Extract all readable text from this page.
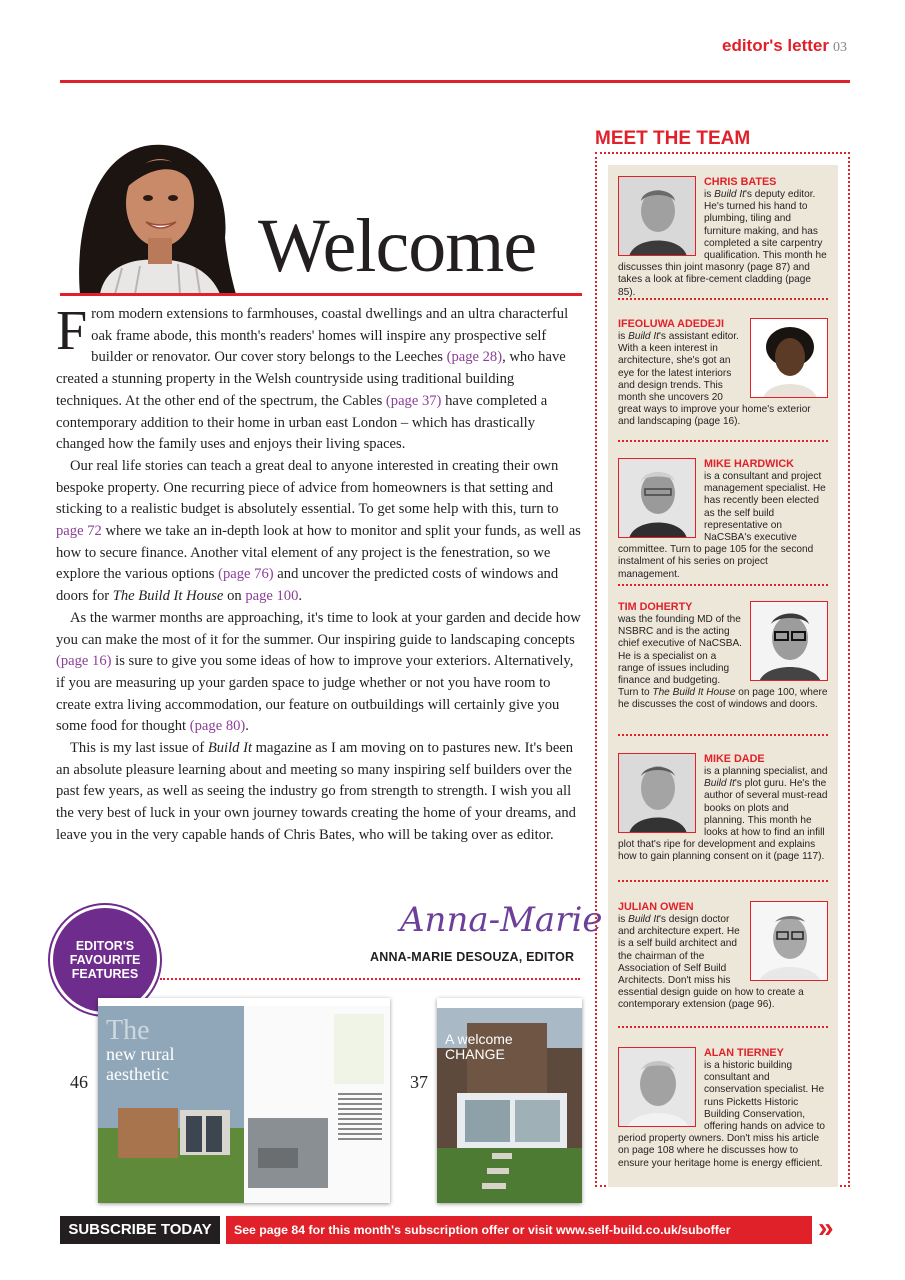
editor's letter 03
Welcome

From modern extensions to farmhouses, coastal dwellings and an ultra characterful oak frame abode, this month's readers' homes will inspire any prospective self builder or renovator. Our cover story belongs to the Leeches (page 28), who have created a stunning property in the Welsh countryside using traditional building techniques. At the other end of the spectrum, the Cables (page 37) have completed a contemporary addition to their home in urban east London – which has drastically changed how the family uses and enjoys their living spaces.

Our real life stories can teach a great deal to anyone interested in creating their own bespoke property. One recurring piece of advice from homeowners is that setting and sticking to a realistic budget is absolutely essential. To get some help with this, turn to page 72 where we take an in-depth look at how to monitor and split your funds, as well as how to secure finance. Another vital element of any project is the fenestration, so we explore the various options (page 76) and uncover the predicted costs of windows and doors for The Build It House on page 100.

As the warmer months are approaching, it's time to look at your garden and decide how you can make the most of it for the summer. Our inspiring guide to landscaping concepts (page 16) is sure to give you some ideas of how to improve your exteriors. Alternatively, if you are measuring up your garden space to judge whether or not you have room to create extra living accommodation, our feature on outbuildings will certainly give you some food for thought (page 80).

This is my last issue of Build It magazine as I am moving on to pastures new. It's been an absolute pleasure learning about and meeting so many inspiring self builders over the past few years, as well as seeing the industry go from strength to strength. I wish you all the very best of luck in your own journey towards creating the home of your dreams, and leave you in the very capable hands of Chris Bates, who will be taking over as editor.

Anna-Marie
ANNA-MARIE DESOUZA, EDITOR
EDITOR'S
FAVOURITE
FEATURES
46
The
new rural
aesthetic	37
A welcome
CHANGE
MEET THE TEAM
CHRIS BATES
is Build It's deputy editor. He's turned his hand to plumbing, tiling and furniture making, and has completed a site carpentry qualification. This month he discusses thin joint masonry (page 87) and takes a look at fibre-cement cladding (page 85).
IFEOLUWA ADEDEJI
is Build It's assistant editor. With a keen interest in architecture, she's got an eye for the latest interiors and design trends. This month she uncovers 20 great ways to improve your home's exterior and landscaping (page 16).
MIKE HARDWICK
is a consultant and project management specialist. He has recently been elected as the self build representative on NaCSBA's executive committee. Turn to page 105 for the second instalment of his series on project management.
TIM DOHERTY
was the founding MD of the NSBRC and is the acting chief executive of NaCSBA. He is a specialist on a range of issues including finance and budgeting. Turn to The Build It House on page 100, where he discusses the cost of windows and doors.
MIKE DADE
is a planning specialist, and Build It's plot guru. He's the author of several must-read books on plots and planning. This month he looks at how to find an infill plot that's ripe for development and explains how to gain planning consent on it (page 117).
JULIAN OWEN
is Build It's design doctor and architecture expert. He is a self build architect and the chairman of the Association of Self Build Architects. Don't miss his essential design guide on how to create a contemporary extension (page 96).
ALAN TIERNEY
is a historic building consultant and conservation specialist. He runs Picketts Historic Building Conservation, offering hands on advice to period property owners. Don't miss his article on page 108 where he discusses how to ensure your heritage home is energy efficient.
SUBSCRIBE TODAY	See page 84 for this month's subscription offer or visit www.self-build.co.uk/suboffer	»
